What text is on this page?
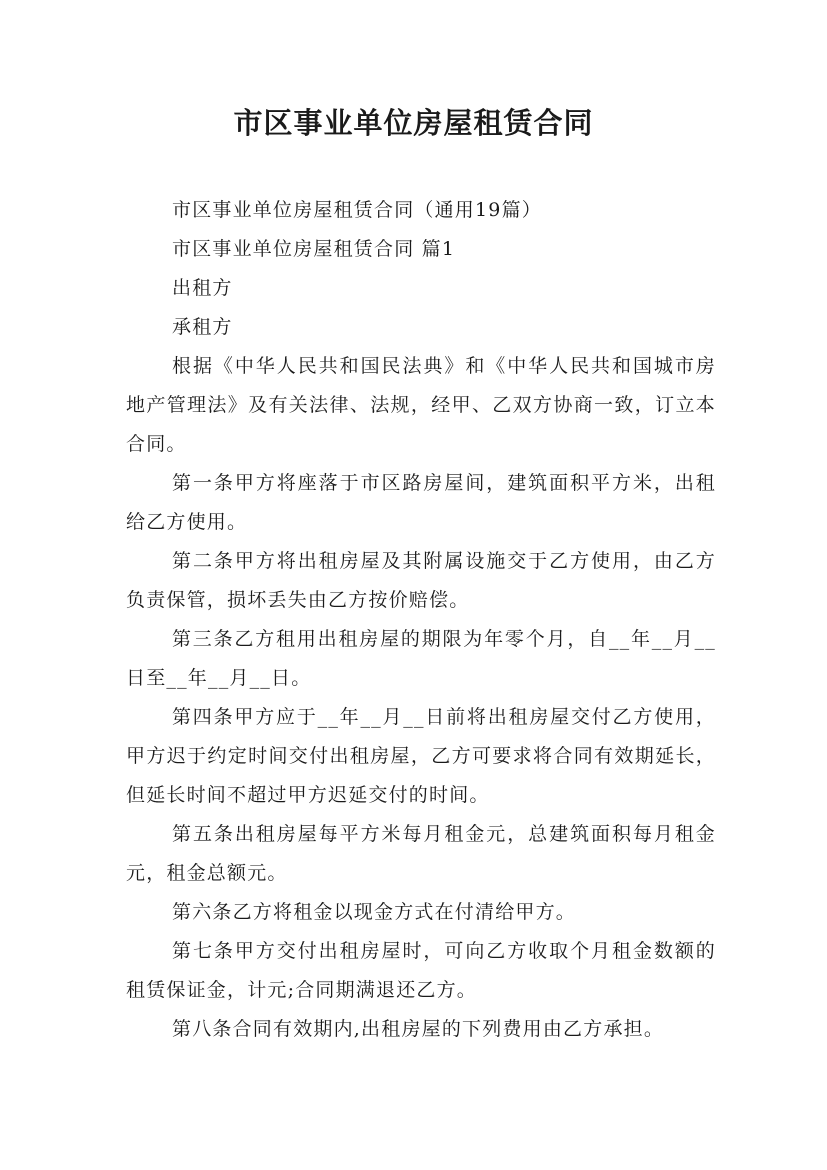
市区事业单位房屋租赁合同

市区事业单位房屋租赁合同（通用19篇）

市区事业单位房屋租赁合同 篇1

出租方

承租方

根据《中华人民共和国民法典》和《中华人民共和国城市房地产管理法》及有关法律、法规，经甲、乙双方协商一致，订立本合同。

第一条甲方将座落于市区路房屋间，建筑面积平方米，出租给乙方使用。

第二条甲方将出租房屋及其附属设施交于乙方使用，由乙方负责保管，损坏丢失由乙方按价赔偿。

第三条乙方租用出租房屋的期限为年零个月，自__年__月__日至__年__月__日。

第四条甲方应于__年__月__日前将出租房屋交付乙方使用，甲方迟于约定时间交付出租房屋，乙方可要求将合同有效期延长，但延长时间不超过甲方迟延交付的时间。

第五条出租房屋每平方米每月租金元，总建筑面积每月租金元，租金总额元。

第六条乙方将租金以现金方式在付清给甲方。

第七条甲方交付出租房屋时，可向乙方收取个月租金数额的租赁保证金，计元;合同期满退还乙方。

第八条合同有效期内,出租房屋的下列费用由乙方承担。
